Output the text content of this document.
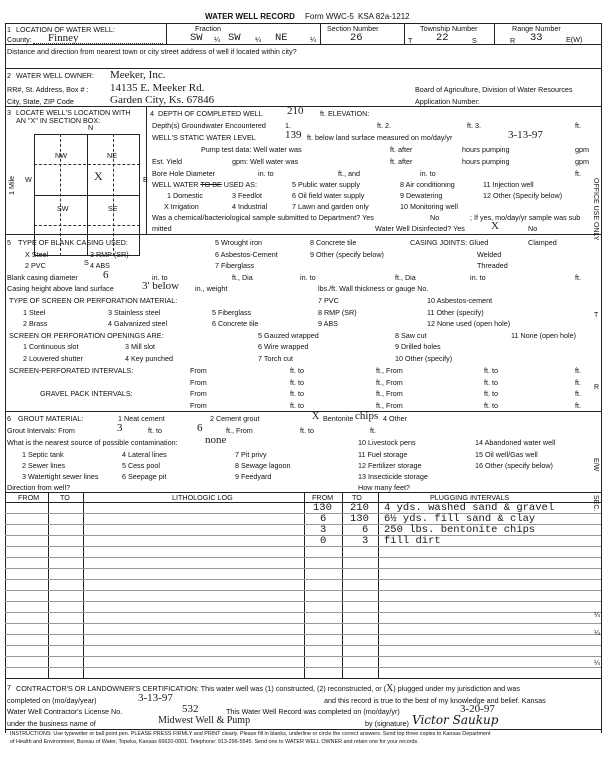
WATER WELL RECORD Form WWC-5 KSA 82a-1212
1 LOCATION OF WATER WELL:
County: Finney
Fraction
SW ¼ SW ¼ NE	¼
Section Number
26
Township Number
T 22	S
Range Number
R 33	E(W)
Distance and direction from nearest town or city street address of well if located within city?
2 WATER WELL OWNER: Meeker, Inc.
RR#, St. Address, Box # : 14135 E. Meeker Rd.
City, State, ZIP Code	Garden City, Ks. 67846
Board of Agriculture, Division of Water Resources
Application Number:
3 LOCATE WELL'S LOCATION WITH
AN "X" IN SECTION BOX:
N
NW	NE
SW	SE
W	E
S
1 Mile	X
4 DEPTH OF COMPLETED WELL 210 ft. ELEVATION:
Depth(s) Groundwater Encountered	1.	ft. 2.	ft. 3.	ft.
WELL'S STATIC WATER LEVEL	139 ft. below land surface measured on mo/day/yr	3-13-97
Pump test data: Well water was	ft. after	hours pumping	gpm
Est. Yield	gpm: Well water was	ft. after	hours pumping	gpm
Bore Hole Diameter	in. to	ft., and	in. to	ft.
WELL WATER TO BE USED AS:	5 Public water supply	8 Air conditioning	11 Injection well
1 Domestic	3 Feedlot	6 Oil field water supply	9 Dewatering	12 Other (Specify below)
X Irrigation	4 Industrial	7 Lawn and garden only	10 Monitoring well
Was a chemical/bacteriological sample submitted to Department? Yes	No	; If yes, mo/day/yr sample was sub
mitted	Water Well Disinfected? Yes X	No
5 TYPE OF BLANK CASING USED:
X Steel	3 RMP (SR)
5 Wrought iron	8 Concrete tile
2 PVC	4 ABS
6 Asbestos-Cement	9 Other (specify below)
7 Fiberglass
CASING JOINTS: Glued	Clamped
Welded
Threaded
Blank casing diameter 6	in. to	ft., Dia	in. to	ft., Dia	in. to	ft.
Casing height above land surface	3' below in., weight	lbs./ft. Wall thickness or gauge No.
TYPE OF SCREEN OR PERFORATION MATERIAL:
1 Steel	3 Stainless steel	5 Fiberglass
7 PVC
8 RMP (SR)
9 ABS
10 Asbestos-cement
11 Other (specify)
12 None used (open hole)
2 Brass	4 Galvanized steel	6 Concrete tile
SCREEN OR PERFORATION OPENINGS ARE:	5 Gauzed wrapped	8 Saw cut	11 None (open hole)
1 Continuous slot	3 Mill slot	6 Wire wrapped	9 Drilled holes
2 Louvered shutter	4 Key punched	7 Torch cut	10 Other (specify)
SCREEN-PERFORATED INTERVALS:	From	ft. to	ft., From	ft. to	ft.
From	ft. to	ft., From	ft. to	ft.
GRAVEL PACK INTERVALS:	From	ft. to	ft., From	ft. to	ft.
From	ft. to	ft., From	ft. to	ft.
6 GROUT MATERIAL:	1 Neat cement	2 Cement grout	X Bentonite chips 4 Other
Grout Intervals: From	3	ft. to	6	ft., From	ft. to	ft.
What is the nearest source of possible contamination: none	10 Livestock pens	14 Abandoned water well
1 Septic tank	4 Lateral lines	7 Pit privy	11 Fuel storage	15 Oil well/Gas well
2 Sewer lines	5 Cess pool	8 Sewage lagoon	12 Fertilizer storage	16 Other (specify below)
3 Watertight sewer lines	6 Seepage pit	9 Feedyard	13 Insecticide storage
Direction from well?	How many feet?
FROM	TO	LITHOLOGIC LOG	FROM	TO	PLUGGING INTERVALS
130 210 4 yds. washed sand & gravel
6 130 6½ yds. fill sand & clay
3	6 250 lbs. bentonite chips
0	3 fill dirt
7 CONTRACTOR'S OR LANDOWNER'S CERTIFICATION: This water well was (1) constructed, (2) reconstructed, or (X) plugged under my jurisdiction and was
completed on (mo/day/year)	3-13-97	and this record is true to the best of my knowledge and belief. Kansas
Water Well Contractor's License No.	532	This Water Well Record was completed on (mo/day/yr)	3-20-97
under the business name of	Midwest Well & Pump	by (signature) Victor Saukup
INSTRUCTIONS: Use typewriter or ball point pen. PLEASE PRESS FIRMLY and PRINT clearly. Please fill in blanks, underline or circle the correct answers. Send top three copies to Kansas Department
of Health and Environment, Bureau of Water, Topeka, Kansas 66620-0001. Telephone: 913-296-5545. Send one to WATER WELL OWNER and retain one for your records.
OFFICE USE ONLY
T
R
E/W
SEC.
¼
¼
¼
